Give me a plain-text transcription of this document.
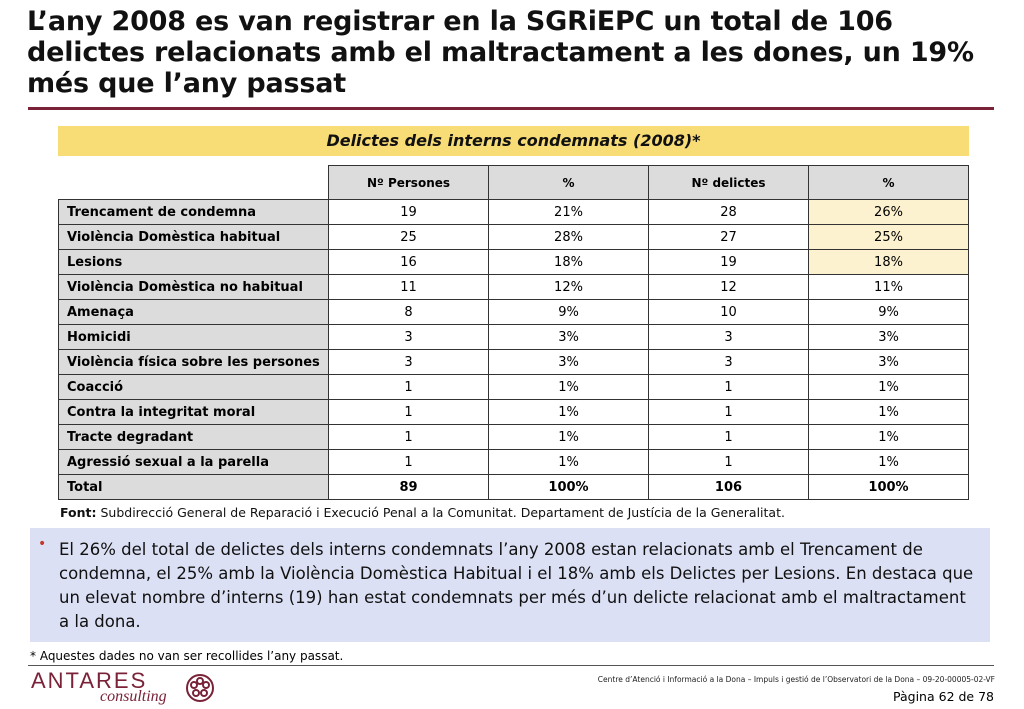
L’any 2008 es van registrar en la SGRiEPC un total de 106 delictes relacionats amb el maltractament a les dones, un 19% més que l’any passat
Delictes dels interns condemnats (2008)*
	Nº Persones	%	Nº delictes	%
Trencament de condemna	19	21%	28	26%
Violència Domèstica habitual	25	28%	27	25%
Lesions	16	18%	19	18%
Violència Domèstica no habitual	11	12%	12	11%
Amenaça	8	9%	10	9%
Homicidi	3	3%	3	3%
Violència física sobre les persones	3	3%	3	3%
Coacció	1	1%	1	1%
Contra la integritat moral	1	1%	1	1%
Tracte degradant	1	1%	1	1%
Agressió sexual a la parella	1	1%	1	1%
Total	89	100%	106	100%
Font: Subdirecció General de Reparació i Execució Penal a la Comunitat. Departament de Justícia de la Generalitat.
• El 26% del total de delictes dels interns condemnats l’any 2008 estan relacionats amb el Trencament de condemna, el 25% amb la Violència Domèstica Habitual i el 18% amb els Delictes per Lesions. En destaca que un elevat nombre d’interns (19) han estat condemnats per més d’un delicte relacionat amb el maltractament a la dona.
* Aquestes dades no van ser recollides l’any passat.
ANTARES
consulting
Centre d’Atenció i Informació a la Dona – Impuls i gestió de l’Observatori de la Dona – 09-20-00005-02-VF
Pàgina 62 de 78
